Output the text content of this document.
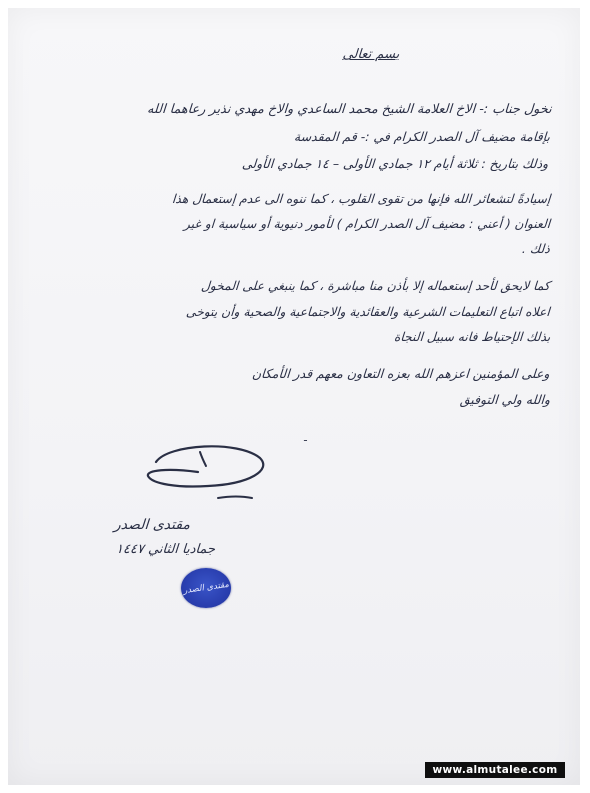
بسم تعالى
نخول جناب :- الاخ العلامة الشيخ محمد الساعدي والاخ مهدي نذير رعاهما الله
بإقامة مضيف آل الصدر الكرام في :- قم المقدسة
وذلك بتاريخ : ثلاثة أيام ١٢ جمادي الأولى – ١٤ جمادي الأولى
إسيادةً لتشعائر الله فإنها من تقوى القلوب ، كما ننوه الى عدم إستعمال هذا
العنوان ( أعني : مضيف آل الصدر الكرام ) لأمور دنيوية أو سياسية او غير
ذلك .
كما لايحق لأحد إستعماله إلا بأذن منا مباشرة ، كما ينبغي على المخول
اعلاه اتباع التعليمات الشرعية والعقائدية والاجتماعية والصحية وأن يتوخى
بذلك الإحتياط فانه سبيل النجاة
وعلى المؤمنين اعزهم الله بعزه التعاون معهم قدر الأمكان
والله ولي التوفيق
ـ
مقتدى الصدر
جماديا الثاني ١٤٤٧
مقتدى الصدر
www.almutalee.com
